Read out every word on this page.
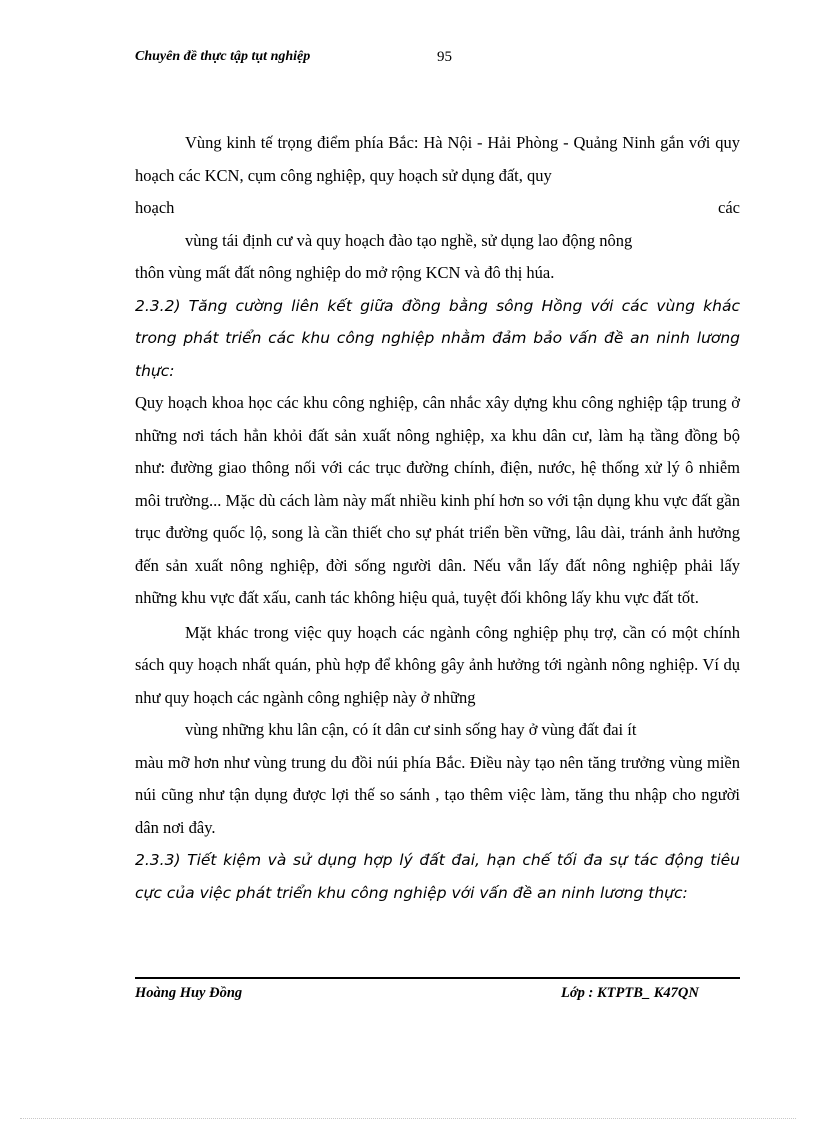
Chuyên đề thực tập tụt nghiệp	95

Vùng kinh tế trọng điểm phía Bắc: Hà Nội - Hải Phòng - Quảng Ninh gắn với quy hoạch các KCN, cụm công nghiệp, quy hoạch sử dụng đất, quy

hoạch	các

vùng tái định cư và quy hoạch đào tạo nghề, sử dụng lao động nông

thôn vùng mất đất nông nghiệp do mở rộng KCN và đô thị húa.

2.3.2) Tăng cường liên kết giữa đồng bằng sông Hồng với các vùng khác trong phát triển các khu công nghiệp nhằm đảm bảo vấn đề an ninh lương thực:

Quy hoạch khoa học các khu công nghiệp, cân nhắc xây dựng khu công nghiệp tập trung ở những nơi tách hẳn khỏi đất sản xuất nông nghiệp, xa khu dân cư, làm hạ tầng đồng bộ như: đường giao thông nối với các trục đường chính, điện, nước, hệ thống xử lý ô nhiễm môi trường... Mặc dù cách làm này mất nhiều kinh phí hơn so với tận dụng khu vực đất gần trục đường quốc lộ, song là cần thiết cho sự phát triển bền vững, lâu dài, tránh ảnh hưởng đến sản xuất nông nghiệp, đời sống người dân. Nếu vẫn lấy đất nông nghiệp phải lấy những khu vực đất xấu, canh tác không hiệu quả, tuyệt đối không lấy khu vực đất tốt.

Mặt khác trong việc quy hoạch các ngành công nghiệp phụ trợ, cần có một chính sách quy hoạch nhất quán, phù hợp để không gây ảnh hưởng tới ngành nông nghiệp. Ví dụ như quy hoạch các ngành công nghiệp này ở những

vùng những khu lân cận, có ít dân cư sinh sống hay ở vùng đất đai ít

màu mỡ hơn như vùng trung du đồi núi phía Bắc. Điều này tạo nên tăng trưởng vùng miền núi cũng như tận dụng được lợi thế so sánh , tạo thêm việc làm, tăng thu nhập cho người dân nơi đây.

2.3.3) Tiết kiệm và sử dụng hợp lý đất đai, hạn chế tối đa sự tác động tiêu cực của việc phát triển khu công nghiệp với vấn đề an ninh lương thực:

Hoàng Huy Đồng	Lớp : KTPTB_ K47QN
